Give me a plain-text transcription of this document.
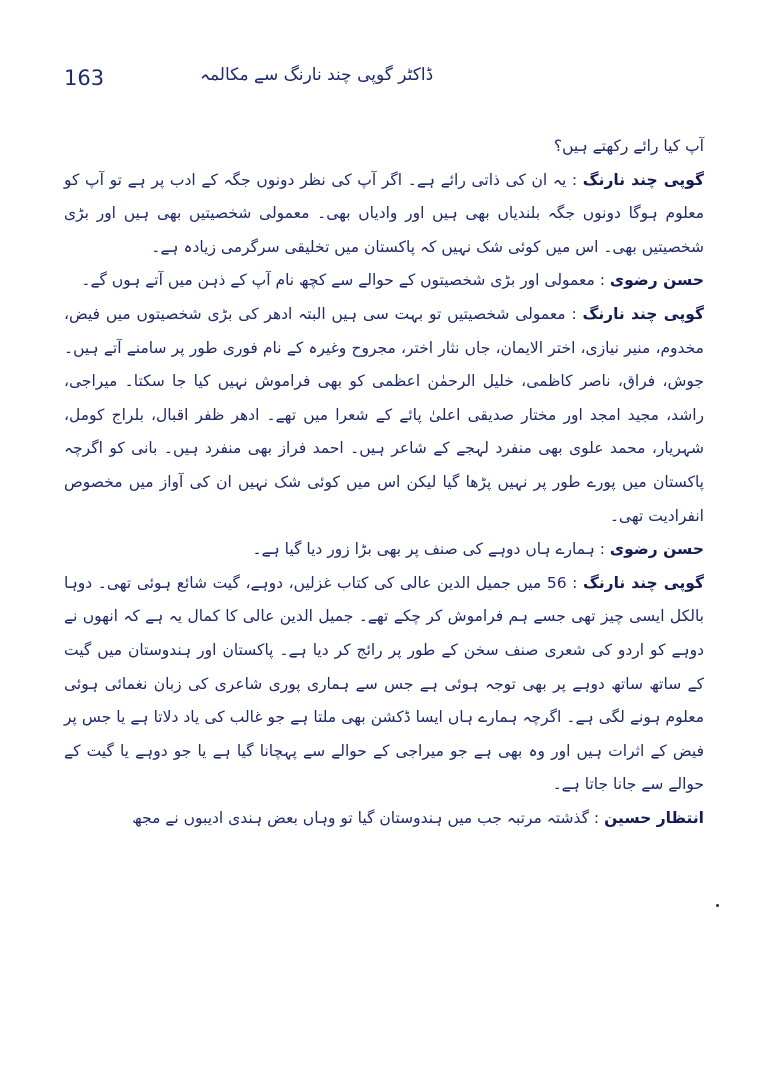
163	ڈاکٹر گوپی چند نارنگ سے مکالمہ

آپ کیا رائے رکھتے ہیں؟

گوپی چند نارنگ : یہ ان کی ذاتی رائے ہے۔ اگر آپ کی نظر دونوں جگہ کے ادب پر ہے تو آپ کو معلوم ہوگا دونوں جگہ بلندیاں بھی ہیں اور وادیاں بھی۔ معمولی شخصیتیں بھی ہیں اور بڑی شخصیتیں بھی۔ اس میں کوئی شک نہیں کہ پاکستان میں تخلیقی سرگرمی زیادہ ہے۔

حسن رضوی : معمولی اور بڑی شخصیتوں کے حوالے سے کچھ نام آپ کے ذہن میں آتے ہوں گے۔

گوپی چند نارنگ : معمولی شخصیتیں تو بہت سی ہیں البتہ ادھر کی بڑی شخصیتوں میں فیض، مخدوم، منیر نیازی، اختر الایمان، جاں نثار اختر، مجروح وغیرہ کے نام فوری طور پر سامنے آتے ہیں۔ جوش، فراق، ناصر کاظمی، خلیل الرحمٰن اعظمی کو بھی فراموش نہیں کیا جا سکتا۔ میراجی، راشد، مجید امجد اور مختار صدیقی اعلیٰ پائے کے شعرا میں تھے۔ ادھر ظفر اقبال، بلراج کومل، شہریار، محمد علوی بھی منفرد لہجے کے شاعر ہیں۔ احمد فراز بھی منفرد ہیں۔ بانی کو اگرچہ پاکستان میں پورے طور پر نہیں پڑھا گیا لیکن اس میں کوئی شک نہیں ان کی آواز میں مخصوص انفرادیت تھی۔

حسن رضوی : ہمارے ہاں دوہے کی صنف پر بھی بڑا زور دیا گیا ہے۔

گوپی چند نارنگ : 56 میں جمیل الدین عالی کی کتاب غزلیں، دوہے، گیت شائع ہوئی تھی۔ دوہا بالکل ایسی چیز تھی جسے ہم فراموش کر چکے تھے۔ جمیل الدین عالی کا کمال یہ ہے کہ انھوں نے دوہے کو اردو کی شعری صنف سخن کے طور پر رائج کر دیا ہے۔ پاکستان اور ہندوستان میں گیت کے ساتھ ساتھ دوہے پر بھی توجہ ہوئی ہے جس سے ہماری پوری شاعری کی زبان نغمائی ہوئی معلوم ہونے لگی ہے۔ اگرچہ ہمارے ہاں ایسا ڈکشن بھی ملتا ہے جو غالب کی یاد دلاتا ہے یا جس پر فیض کے اثرات ہیں اور وہ بھی ہے جو میراجی کے حوالے سے پہچانا گیا ہے یا جو دوہے یا گیت کے حوالے سے جانا جاتا ہے۔

انتظار حسین : گذشتہ مرتبہ جب میں ہندوستان گیا تو وہاں بعض ہندی ادیبوں نے مجھ
